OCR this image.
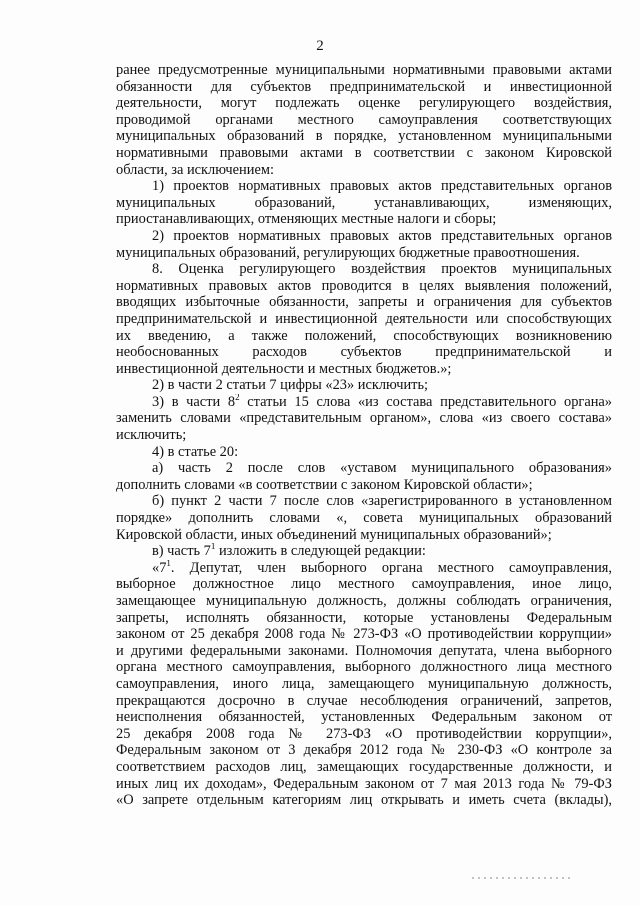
2
ранее предусмотренные муниципальными нормативными правовыми актами
обязанности для субъектов предпринимательской и инвестиционной
деятельности, могут подлежать оценке регулирующего воздействия,
проводимой органами местного самоуправления соответствующих
муниципальных образований в порядке, установленном муниципальными
нормативными правовыми актами в соответствии с законом Кировской
области, за исключением:
1) проектов нормативных правовых актов представительных органов
муниципальных образований, устанавливающих, изменяющих,
приостанавливающих, отменяющих местные налоги и сборы;
2) проектов нормативных правовых актов представительных органов
муниципальных образований, регулирующих бюджетные правоотношения.
8. Оценка регулирующего воздействия проектов муниципальных
нормативных правовых актов проводится в целях выявления положений,
вводящих избыточные обязанности, запреты и ограничения для субъектов
предпринимательской и инвестиционной деятельности или способствующих
их введению, а также положений, способствующих возникновению
необоснованных расходов субъектов предпринимательской и
инвестиционной деятельности и местных бюджетов.»;
2) в части 2 статьи 7 цифры «23» исключить;
3) в части $8^2$ статьи 15 слова «из состава представительного органа»
заменить словами «представительным органом», слова «из своего состава»
исключить;
4) в статье 20:
а) часть 2 после слов «уставом муниципального образования»
дополнить словами «в соответствии с законом Кировской области»;
б) пункт 2 части 7 после слов «зарегистрированного в установленном
порядке» дополнить словами «, совета муниципальных образований
Кировской области, иных объединений муниципальных образований»;
в) часть $7^1$ изложить в следующей редакции:
«$7^1$. Депутат, член выборного органа местного самоуправления,
выборное должностное лицо местного самоуправления, иное лицо,
замещающее муниципальную должность, должны соблюдать ограничения,
запреты, исполнять обязанности, которые установлены Федеральным
законом от 25 декабря 2008 года № 273-ФЗ «О противодействии коррупции»
и другими федеральными законами. Полномочия депутата, члена выборного
органа местного самоуправления, выборного должностного лица местного
самоуправления, иного лица, замещающего муниципальную должность,
прекращаются досрочно в случае несоблюдения ограничений, запретов,
неисполнения обязанностей, установленных Федеральным законом от
25 декабря 2008 года № 273-ФЗ «О противодействии коррупции»,
Федеральным законом от 3 декабря 2012 года № 230-ФЗ «О контроле за
соответствием расходов лиц, замещающих государственные должности, и
иных лиц их доходам», Федеральным законом от 7 мая 2013 года № 79-ФЗ
«О запрете отдельным категориям лиц открывать и иметь счета (вклады),
